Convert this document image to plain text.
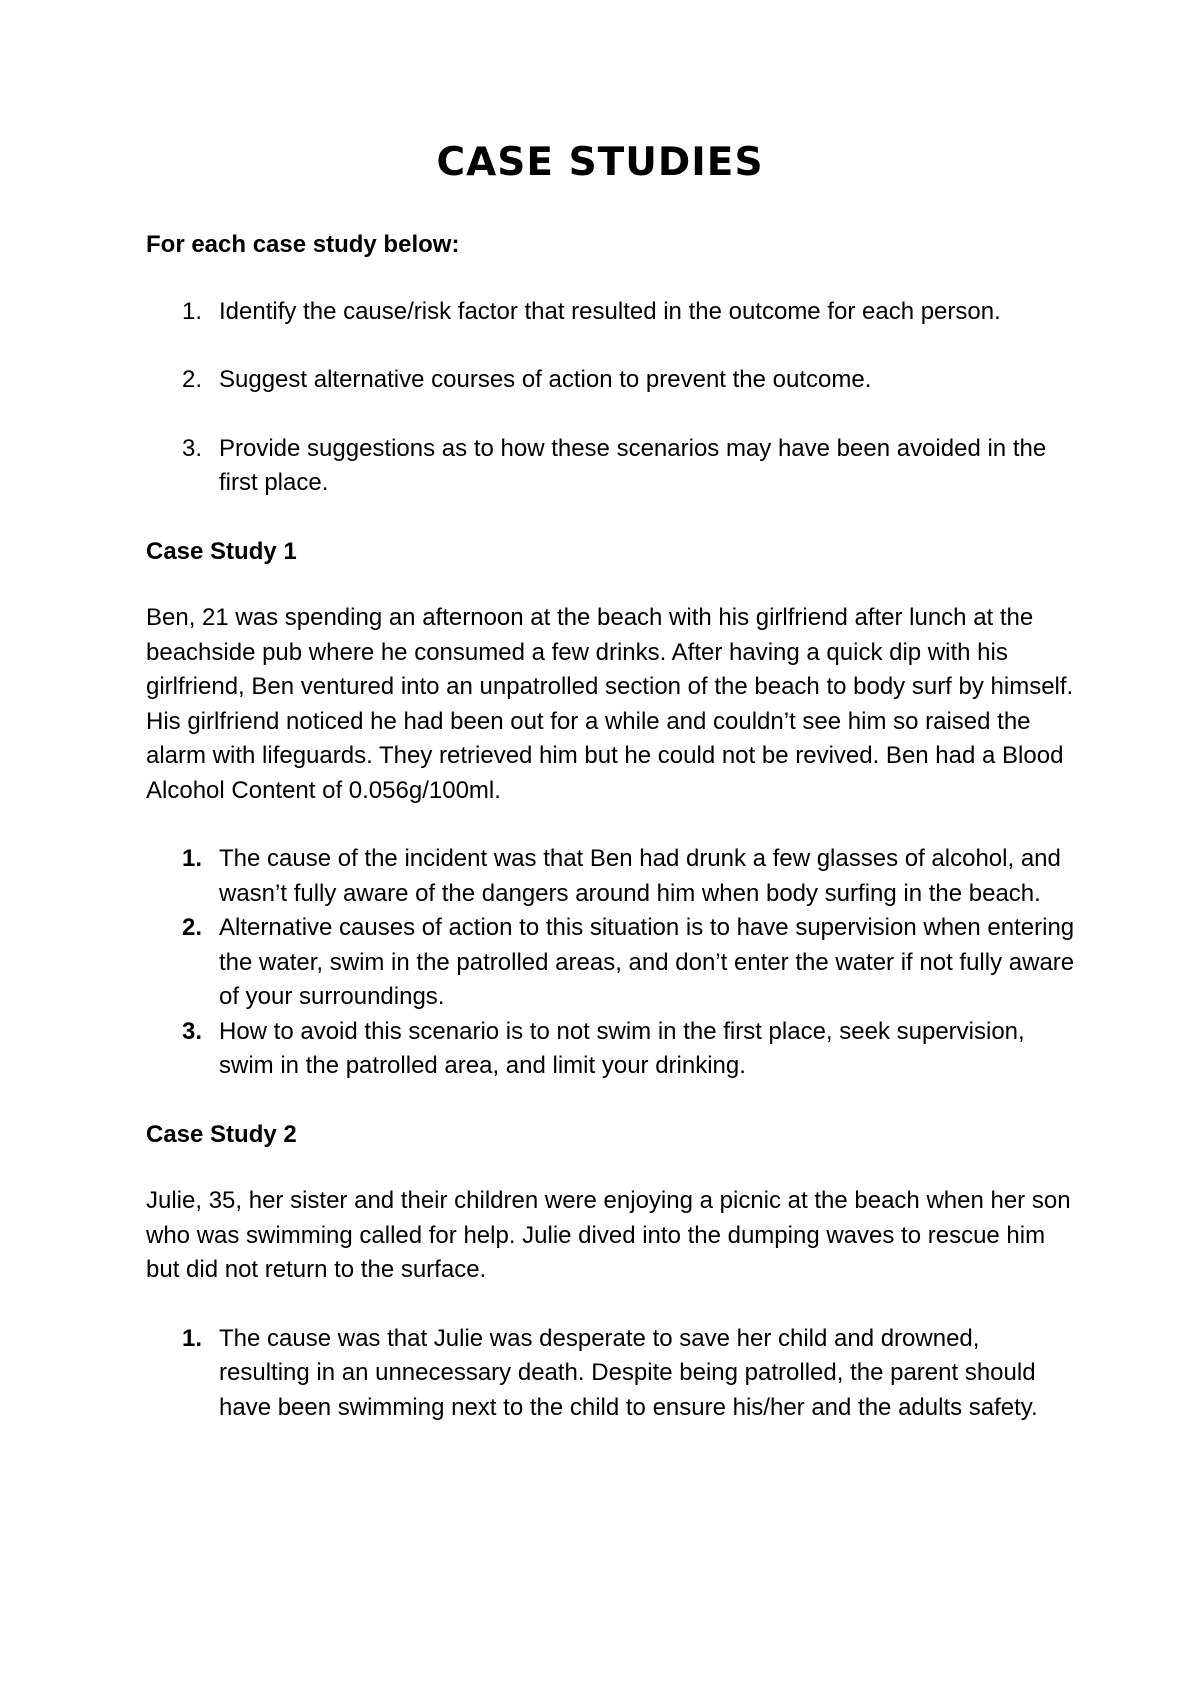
CASE STUDIES

For each case study below:

1. Identify the cause/risk factor that resulted in the outcome for each person.
2. Suggest alternative courses of action to prevent the outcome.
3. Provide suggestions as to how these scenarios may have been avoided in the first place.

Case Study 1

Ben, 21 was spending an afternoon at the beach with his girlfriend after lunch at the beachside pub where he consumed a few drinks. After having a quick dip with his girlfriend, Ben ventured into an unpatrolled section of the beach to body surf by himself. His girlfriend noticed he had been out for a while and couldn’t see him so raised the alarm with lifeguards. They retrieved him but he could not be revived. Ben had a Blood Alcohol Content of 0.056g/100ml.

1. The cause of the incident was that Ben had drunk a few glasses of alcohol, and wasn’t fully aware of the dangers around him when body surfing in the beach.
2. Alternative causes of action to this situation is to have supervision when entering the water, swim in the patrolled areas, and don’t enter the water if not fully aware of your surroundings.
3. How to avoid this scenario is to not swim in the first place, seek supervision, swim in the patrolled area, and limit your drinking.

Case Study 2

Julie, 35, her sister and their children were enjoying a picnic at the beach when her son who was swimming called for help. Julie dived into the dumping waves to rescue him but did not return to the surface.

1. The cause was that Julie was desperate to save her child and drowned, resulting in an unnecessary death. Despite being patrolled, the parent should have been swimming next to the child to ensure his/her and the adults safety.
